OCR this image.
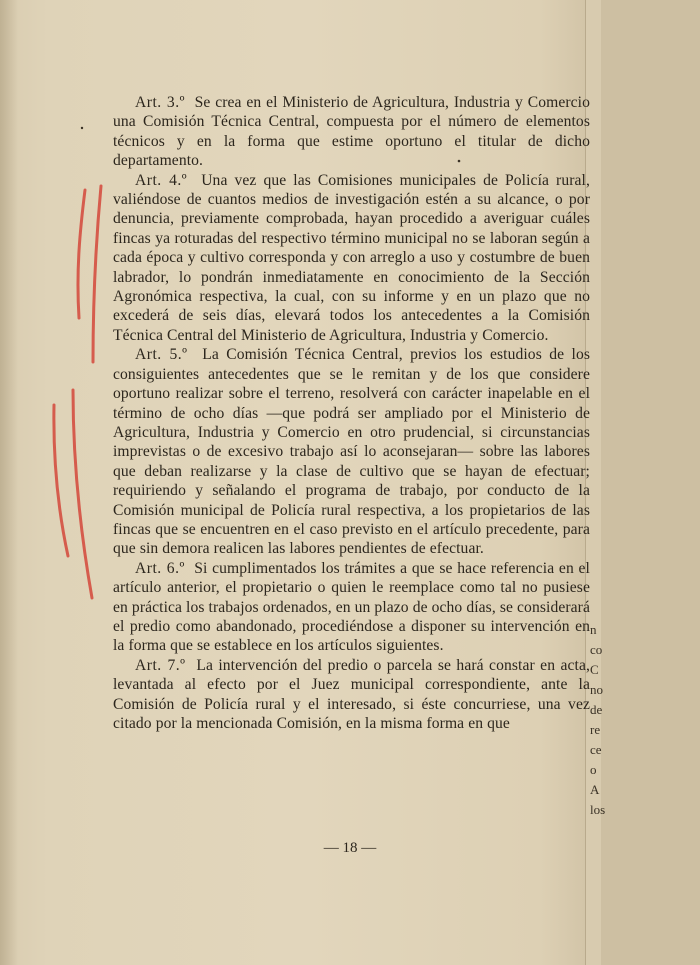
Art. 3.º Se crea en el Ministerio de Agricultura, Industria y Comercio una Comisión Técnica Central, compuesta por el número de elementos técnicos y en la forma que estime oportuno el titular de dicho departamento.

Art. 4.º Una vez que las Comisiones municipales de Policía rural, valiéndose de cuantos medios de investigación estén a su alcance, o por denuncia, previamente comprobada, hayan procedido a averiguar cuáles fincas ya roturadas del respectivo término municipal no se laboran según a cada época y cultivo corresponda y con arreglo a uso y costumbre de buen labrador, lo pondrán inmediatamente en conocimiento de la Sección Agronómica respectiva, la cual, con su informe y en un plazo que no excederá de seis días, elevará todos los antecedentes a la Comisión Técnica Central del Ministerio de Agricultura, Industria y Comercio.

Art. 5.º La Comisión Técnica Central, previos los estudios de los consiguientes antecedentes que se le remitan y de los que considere oportuno realizar sobre el terreno, resolverá con carácter inapelable en el término de ocho días —que podrá ser ampliado por el Ministerio de Agricultura, Industria y Comercio en otro prudencial, si circunstancias imprevistas o de excesivo trabajo así lo aconsejaran— sobre las labores que deban realizarse y la clase de cultivo que se hayan de efectuar; requiriendo y señalando el programa de trabajo, por conducto de la Comisión municipal de Policía rural respectiva, a los propietarios de las fincas que se encuentren en el caso previsto en el artículo precedente, para que sin demora realicen las labores pendientes de efectuar.

Art. 6.º Si cumplimentados los trámites a que se hace referencia en el artículo anterior, el propietario o quien le reemplace como tal no pusiese en práctica los trabajos ordenados, en un plazo de ocho días, se considerará el predio como abandonado, procediéndose a disponer su intervención en la forma que se establece en los artículos siguientes.

Art. 7.º La intervención del predio o parcela se hará constar en acta, levantada al efecto por el Juez municipal correspondiente, ante la Comisión de Policía rural y el interesado, si éste concurriese, una vez citado por la mencionada Comisión, en la misma forma en que

— 18 —
n
co
C
no
de
re
ce
o
A
los
